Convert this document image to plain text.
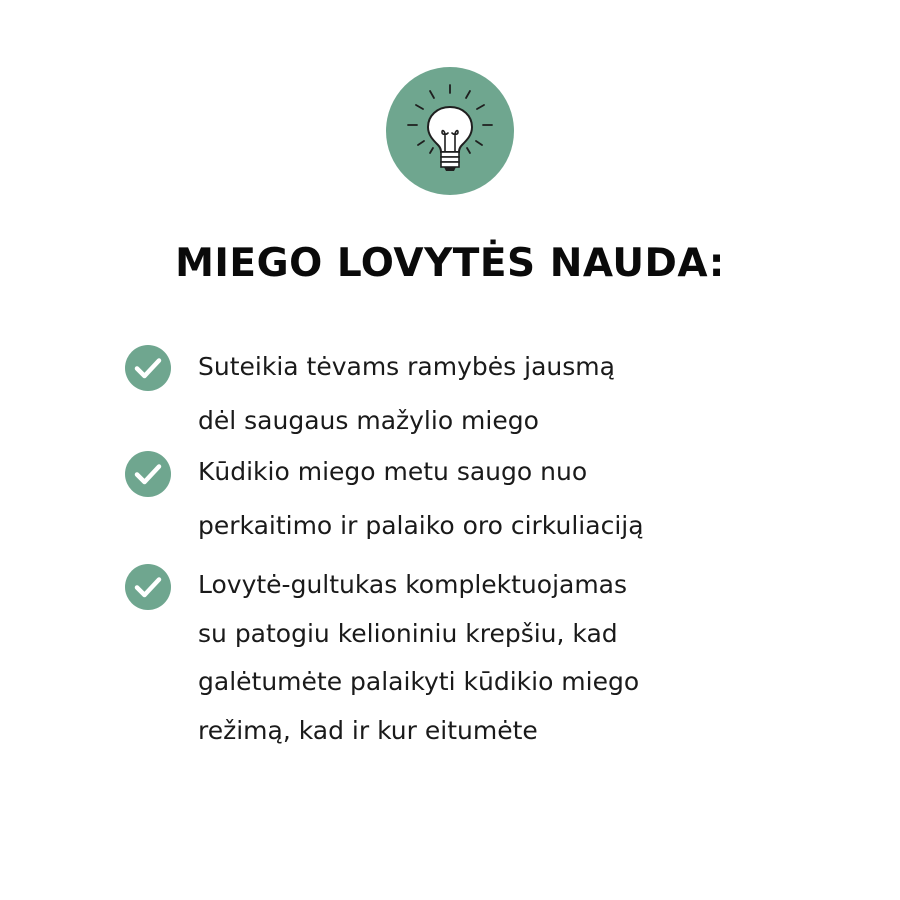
MIEGO LOVYTĖS NAUDA:

Suteikia tėvams ramybės jausmą
dėl saugaus mažylio miego

Kūdikio miego metu saugo nuo
perkaitimo ir palaiko oro cirkuliaciją

Lovytė-gultukas komplektuojamas
su patogiu kelioniniu krepšiu, kad
galėtumėte palaikyti kūdikio miego
režimą, kad ir kur eitumėte
